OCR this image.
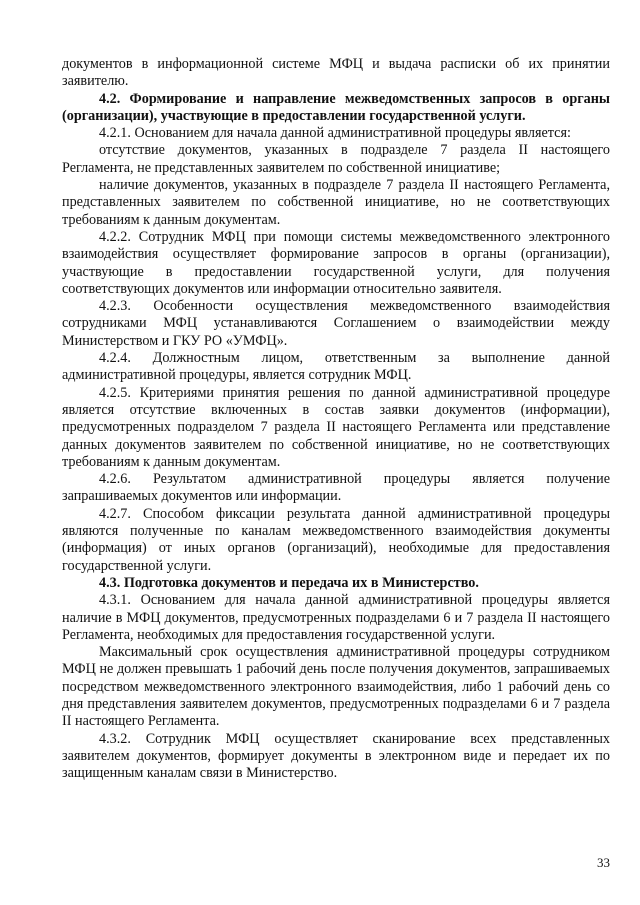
документов в информационной системе МФЦ и выдача расписки об их принятии заявителю.

4.2. Формирование и направление межведомственных запросов в органы (организации), участвующие в предоставлении государственной услуги.

4.2.1. Основанием для начала данной административной процедуры является:

отсутствие документов, указанных в подразделе 7 раздела II настоящего Регламента, не представленных заявителем по собственной инициативе;

наличие документов, указанных в подразделе 7 раздела II настоящего Регламента, представленных заявителем по собственной инициативе, но не соответствующих требованиям к данным документам.

4.2.2. Сотрудник МФЦ при помощи системы межведомственного электронного взаимодействия осуществляет формирование запросов в органы (организации), участвующие в предоставлении государственной услуги, для получения соответствующих документов или информации относительно заявителя.

4.2.3. Особенности осуществления межведомственного взаимодействия сотрудниками МФЦ устанавливаются Соглашением о взаимодействии между Министерством и ГКУ РО «УМФЦ».

4.2.4. Должностным лицом, ответственным за выполнение данной административной процедуры, является сотрудник МФЦ.

4.2.5. Критериями принятия решения по данной административной процедуре является отсутствие включенных в состав заявки документов (информации), предусмотренных подразделом 7 раздела II настоящего Регламента или представление данных документов заявителем по собственной инициативе, но не соответствующих требованиям к данным документам.

4.2.6. Результатом административной процедуры является получение запрашиваемых документов или информации.

4.2.7. Способом фиксации результата данной административной процедуры являются полученные по каналам межведомственного взаимодействия документы (информация) от иных органов (организаций), необходимые для предоставления государственной услуги.

4.3. Подготовка документов и передача их в Министерство.

4.3.1. Основанием для начала данной административной процедуры является наличие в МФЦ документов, предусмотренных подразделами 6 и 7 раздела II настоящего Регламента, необходимых для предоставления государственной услуги.

Максимальный срок осуществления административной процедуры сотрудником МФЦ не должен превышать 1 рабочий день после получения документов, запрашиваемых посредством межведомственного электронного взаимодействия, либо 1 рабочий день со дня представления заявителем документов, предусмотренных подразделами 6 и 7 раздела II настоящего Регламента.

4.3.2. Сотрудник МФЦ осуществляет сканирование всех представленных заявителем документов, формирует документы в электронном виде и передает их по защищенным каналам связи в Министерство.

33
